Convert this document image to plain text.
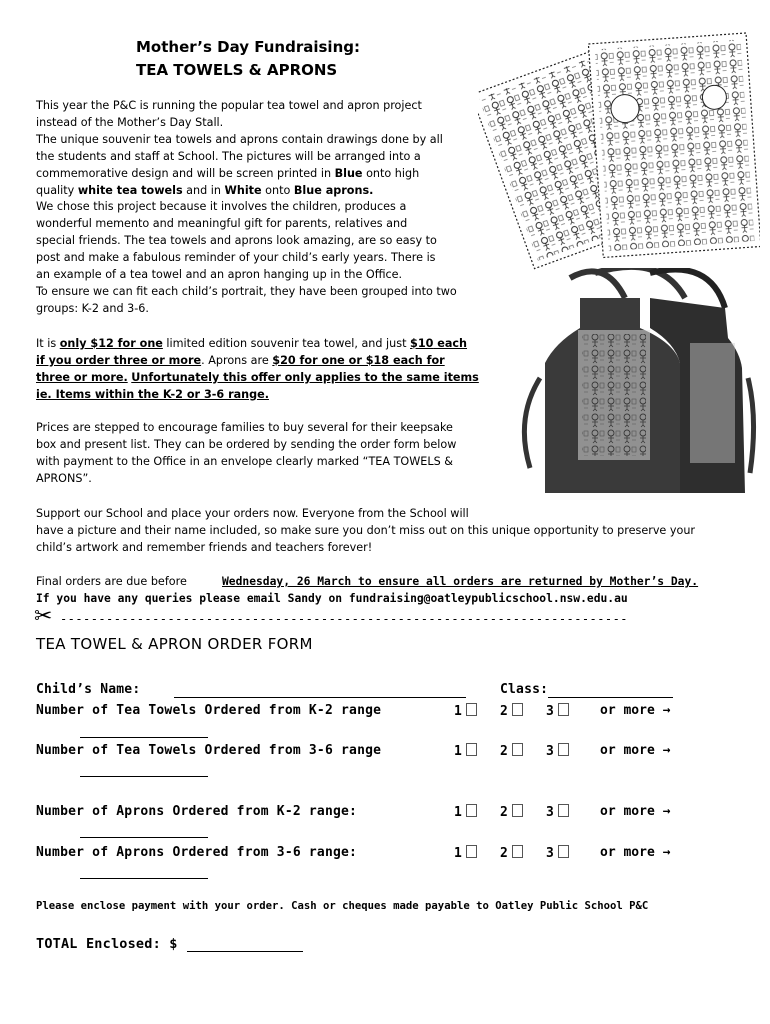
Mother’s Day Fundraising:
TEA TOWELS & APRONS
This year the P&C is running the popular tea towel and apron project
instead of the Mother’s Day Stall.
The unique souvenir tea towels and aprons contain drawings done by all
the students and staff at School. The pictures will be arranged into a
commemorative design and will be screen printed in Blue onto high
quality white tea towels and in White onto Blue aprons.
We chose this project because it involves the children, produces a
wonderful memento and meaningful gift for parents, relatives and
special friends. The tea towels and aprons look amazing, are so easy to
post and make a fabulous reminder of your child’s early years. There is
an example of a tea towel and an apron hanging up in the Office.
To ensure we can fit each child’s portrait, they have been grouped into two
groups: K-2 and 3-6.
It is only $12 for one limited edition souvenir tea towel, and just $10 each
if you order three or more. Aprons are $20 for one or $18 each for
three or more. Unfortunately this offer only applies to the same items
ie. Items within the K-2 or 3-6 range.
Prices are stepped to encourage families to buy several for their keepsake
box and present list. They can be ordered by sending the order form below
with payment to the Office in an envelope clearly marked “TEA TOWELS &
APRONS”.
Support our School and place your orders now. Everyone from the School will
have a picture and their name included, so make sure you don’t miss out on this unique opportunity to preserve your
child’s artwork and remember friends and teachers forever!
Final orders are due before	Wednesday, 26 March to ensure all orders are returned by Mother’s Day.
If you have any queries please email Sandy on fundraising@oatleypublicschool.nsw.edu.au
✂ --------------------------------------------------------------------------
TEA TOWEL & APRON ORDER FORM
Child’s Name:	Class:
Number of Tea Towels Ordered from K-2 range	1	2	3	or more →
Number of Tea Towels Ordered from 3-6 range	1	2	3	or more →
Number of Aprons Ordered from K-2 range:	1	2	3	or more →
Number of Aprons Ordered from 3-6 range:	1	2	3	or more →
Please enclose payment with your order. Cash or cheques made payable to Oatley Public School P&C
TOTAL Enclosed: $
